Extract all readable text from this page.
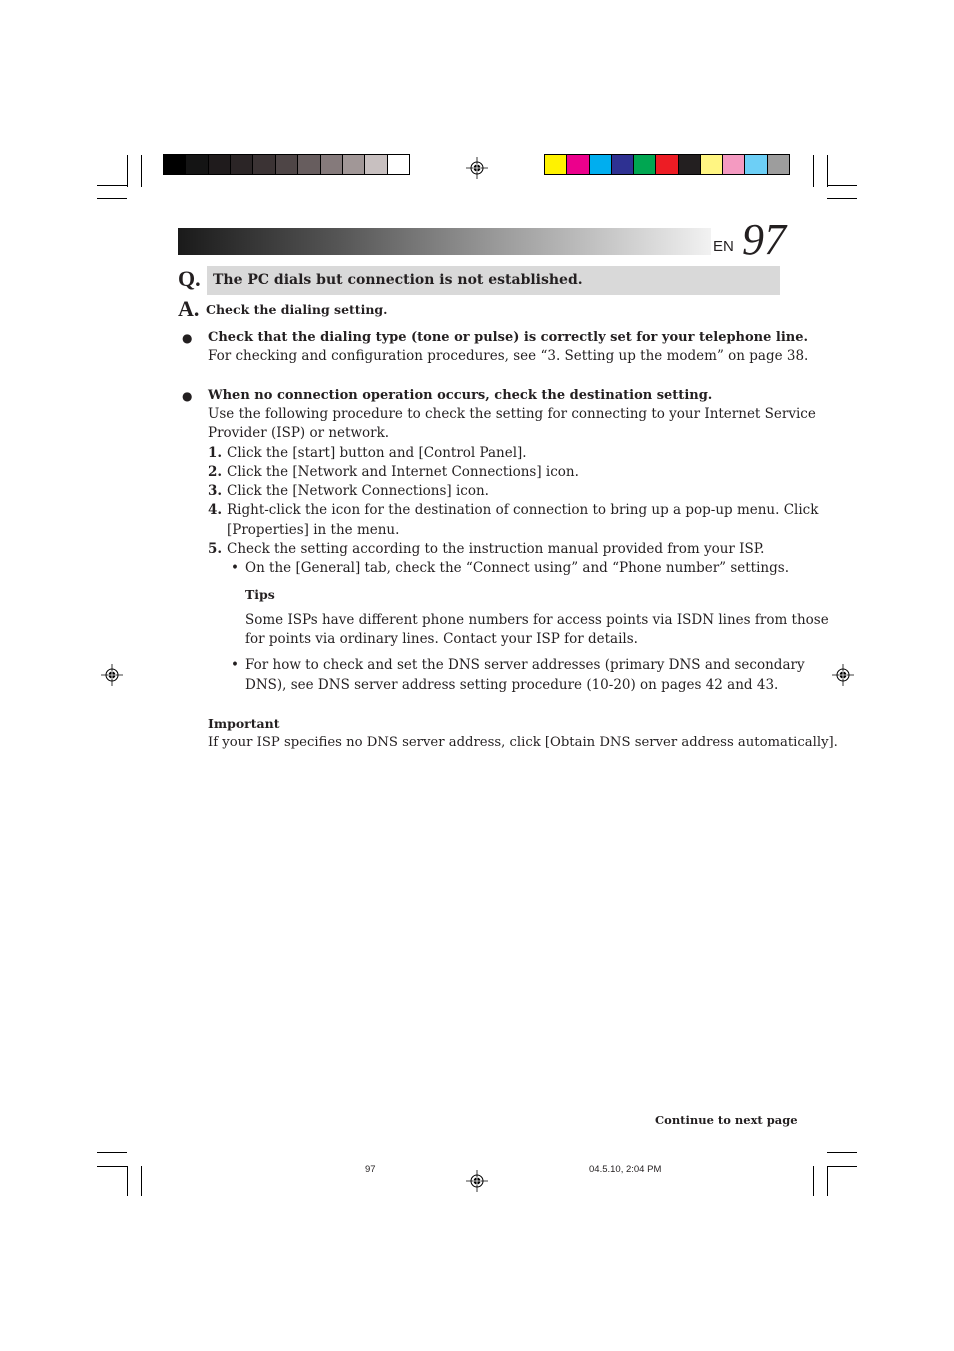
EN 97
Q. The PC dials but connection is not established.
A. Check the dialing setting.
● Check that the dialing type (tone or pulse) is correctly set for your telephone line.
For checking and configuration procedures, see “3. Setting up the modem” on page 38.
● When no connection operation occurs, check the destination setting.
Use the following procedure to check the setting for connecting to your Internet Service
Provider (ISP) or network.
1. Click the [start] button and [Control Panel].
2. Click the [Network and Internet Connections] icon.
3. Click the [Network Connections] icon.
4. Right-click the icon for the destination of connection to bring up a pop-up menu. Click
[Properties] in the menu.
5. Check the setting according to the instruction manual provided from your ISP.
• On the [General] tab, check the “Connect using” and “Phone number” settings.
Tips
Some ISPs have different phone numbers for access points via ISDN lines from those
for points via ordinary lines. Contact your ISP for details.
• For how to check and set the DNS server addresses (primary DNS and secondary
DNS), see DNS server address setting procedure (10-20) on pages 42 and 43.
Important
If your ISP specifies no DNS server address, click [Obtain DNS server address automatically].
Continue to next page
97	04.5.10, 2:04 PM
